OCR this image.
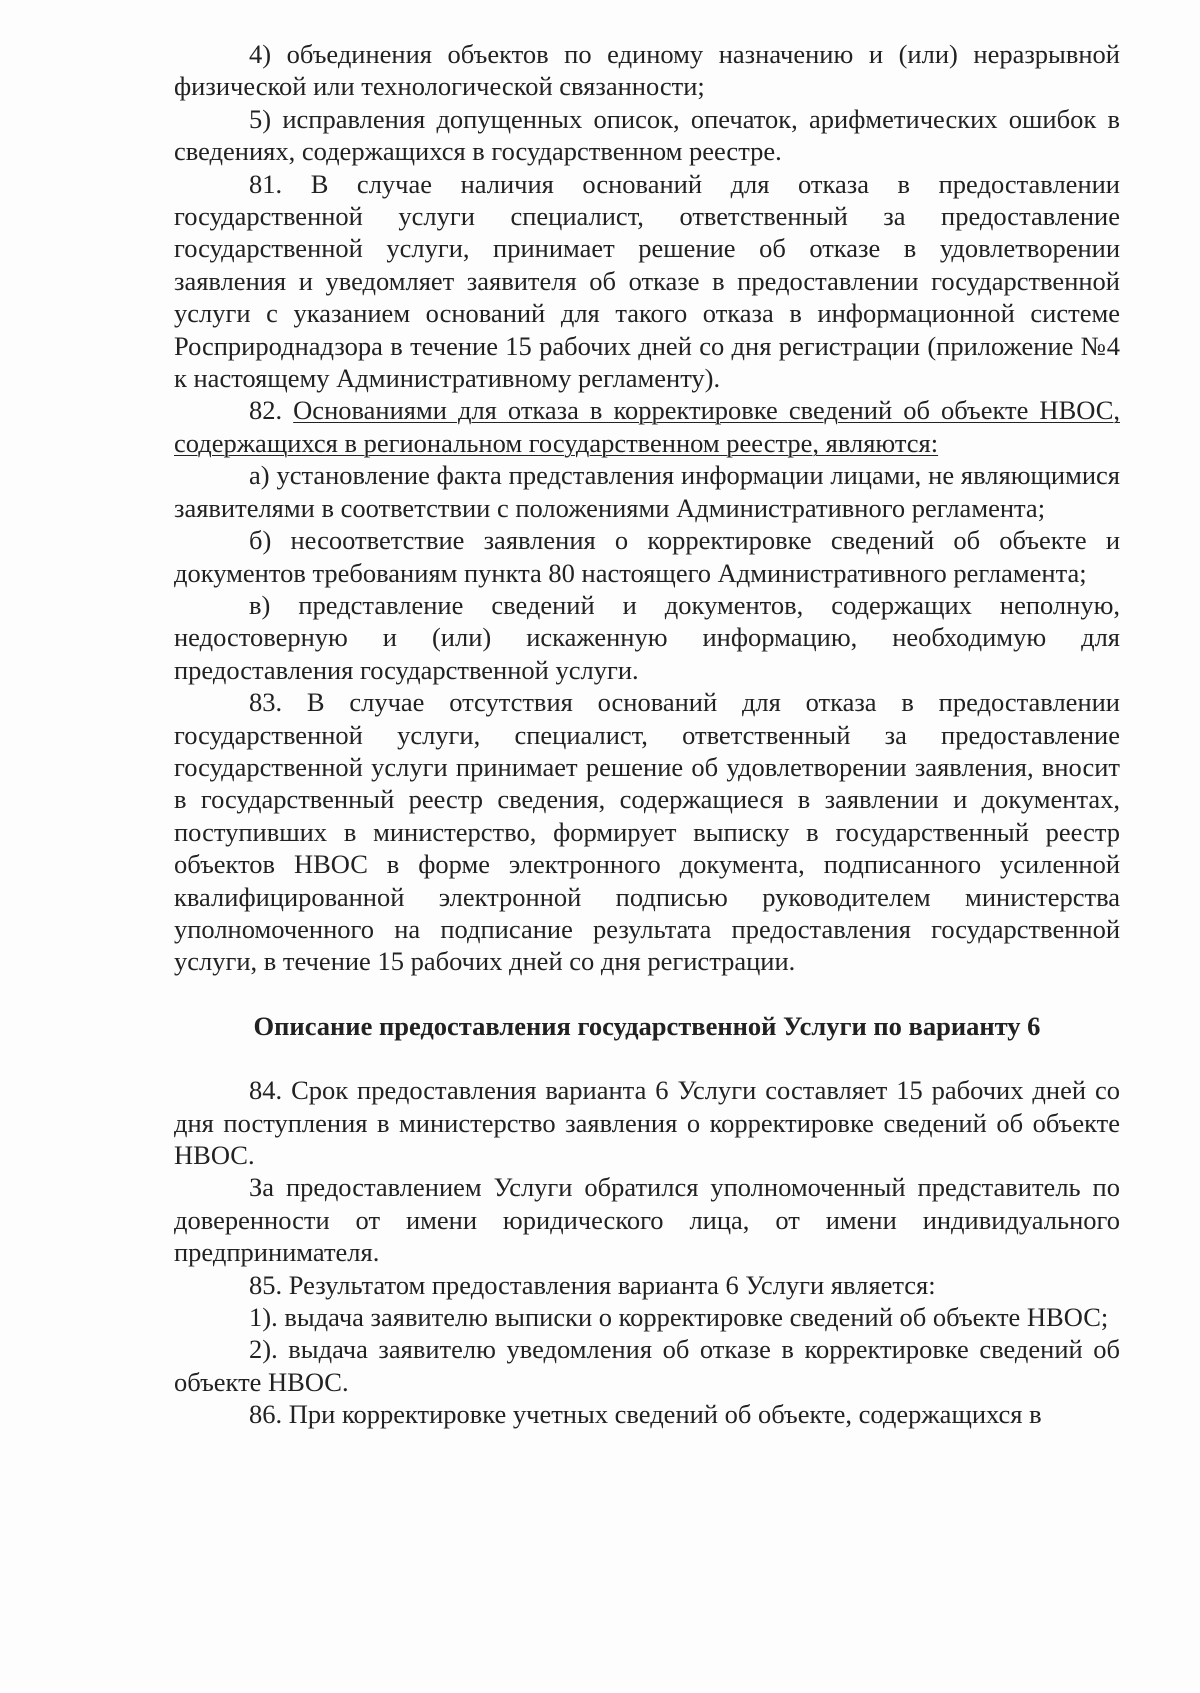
4) объединения объектов по единому назначению и (или) неразрывной физической или технологической связанности;

5) исправления допущенных описок, опечаток, арифметических ошибок в сведениях, содержащихся в государственном реестре.

81. В случае наличия оснований для отказа в предоставлении государственной услуги специалист, ответственный за предоставление государственной услуги, принимает решение об отказе в удовлетворении заявления и уведомляет заявителя об отказе в предоставлении государственной услуги с указанием оснований для такого отказа в информационной системе Росприроднадзора в течение 15 рабочих дней со дня регистрации (приложение №4 к настоящему Административному регламенту).

82. Основаниями для отказа в корректировке сведений об объекте НВОС, содержащихся в региональном государственном реестре, являются:

а) установление факта представления информации лицами, не являющимися заявителями в соответствии с положениями Административного регламента;

б) несоответствие заявления о корректировке сведений об объекте и документов требованиям пункта 80 настоящего Административного регламента;

в) представление сведений и документов, содержащих неполную, недостоверную и (или) искаженную информацию, необходимую для предоставления государственной услуги.

83. В случае отсутствия оснований для отказа в предоставлении государственной услуги, специалист, ответственный за предоставление государственной услуги принимает решение об удовлетворении заявления, вносит в государственный реестр сведения, содержащиеся в заявлении и документах, поступивших в министерство, формирует выписку в государственный реестр объектов НВОС в форме электронного документа, подписанного усиленной квалифицированной электронной подписью руководителем министерства уполномоченного на подписание результата предоставления государственной услуги, в течение 15 рабочих дней со дня регистрации.

Описание предоставления государственной Услуги по варианту 6

84. Срок предоставления варианта 6 Услуги составляет 15 рабочих дней со дня поступления в министерство заявления о корректировке сведений об объекте НВОС.

За предоставлением Услуги обратился уполномоченный представитель по доверенности от имени юридического лица, от имени индивидуального предпринимателя.

85. Результатом предоставления варианта 6 Услуги является:

1). выдача заявителю выписки о корректировке сведений об объекте НВОС;

2). выдача заявителю уведомления об отказе в корректировке сведений об объекте НВОС.

86. При корректировке учетных сведений об объекте, содержащихся в
